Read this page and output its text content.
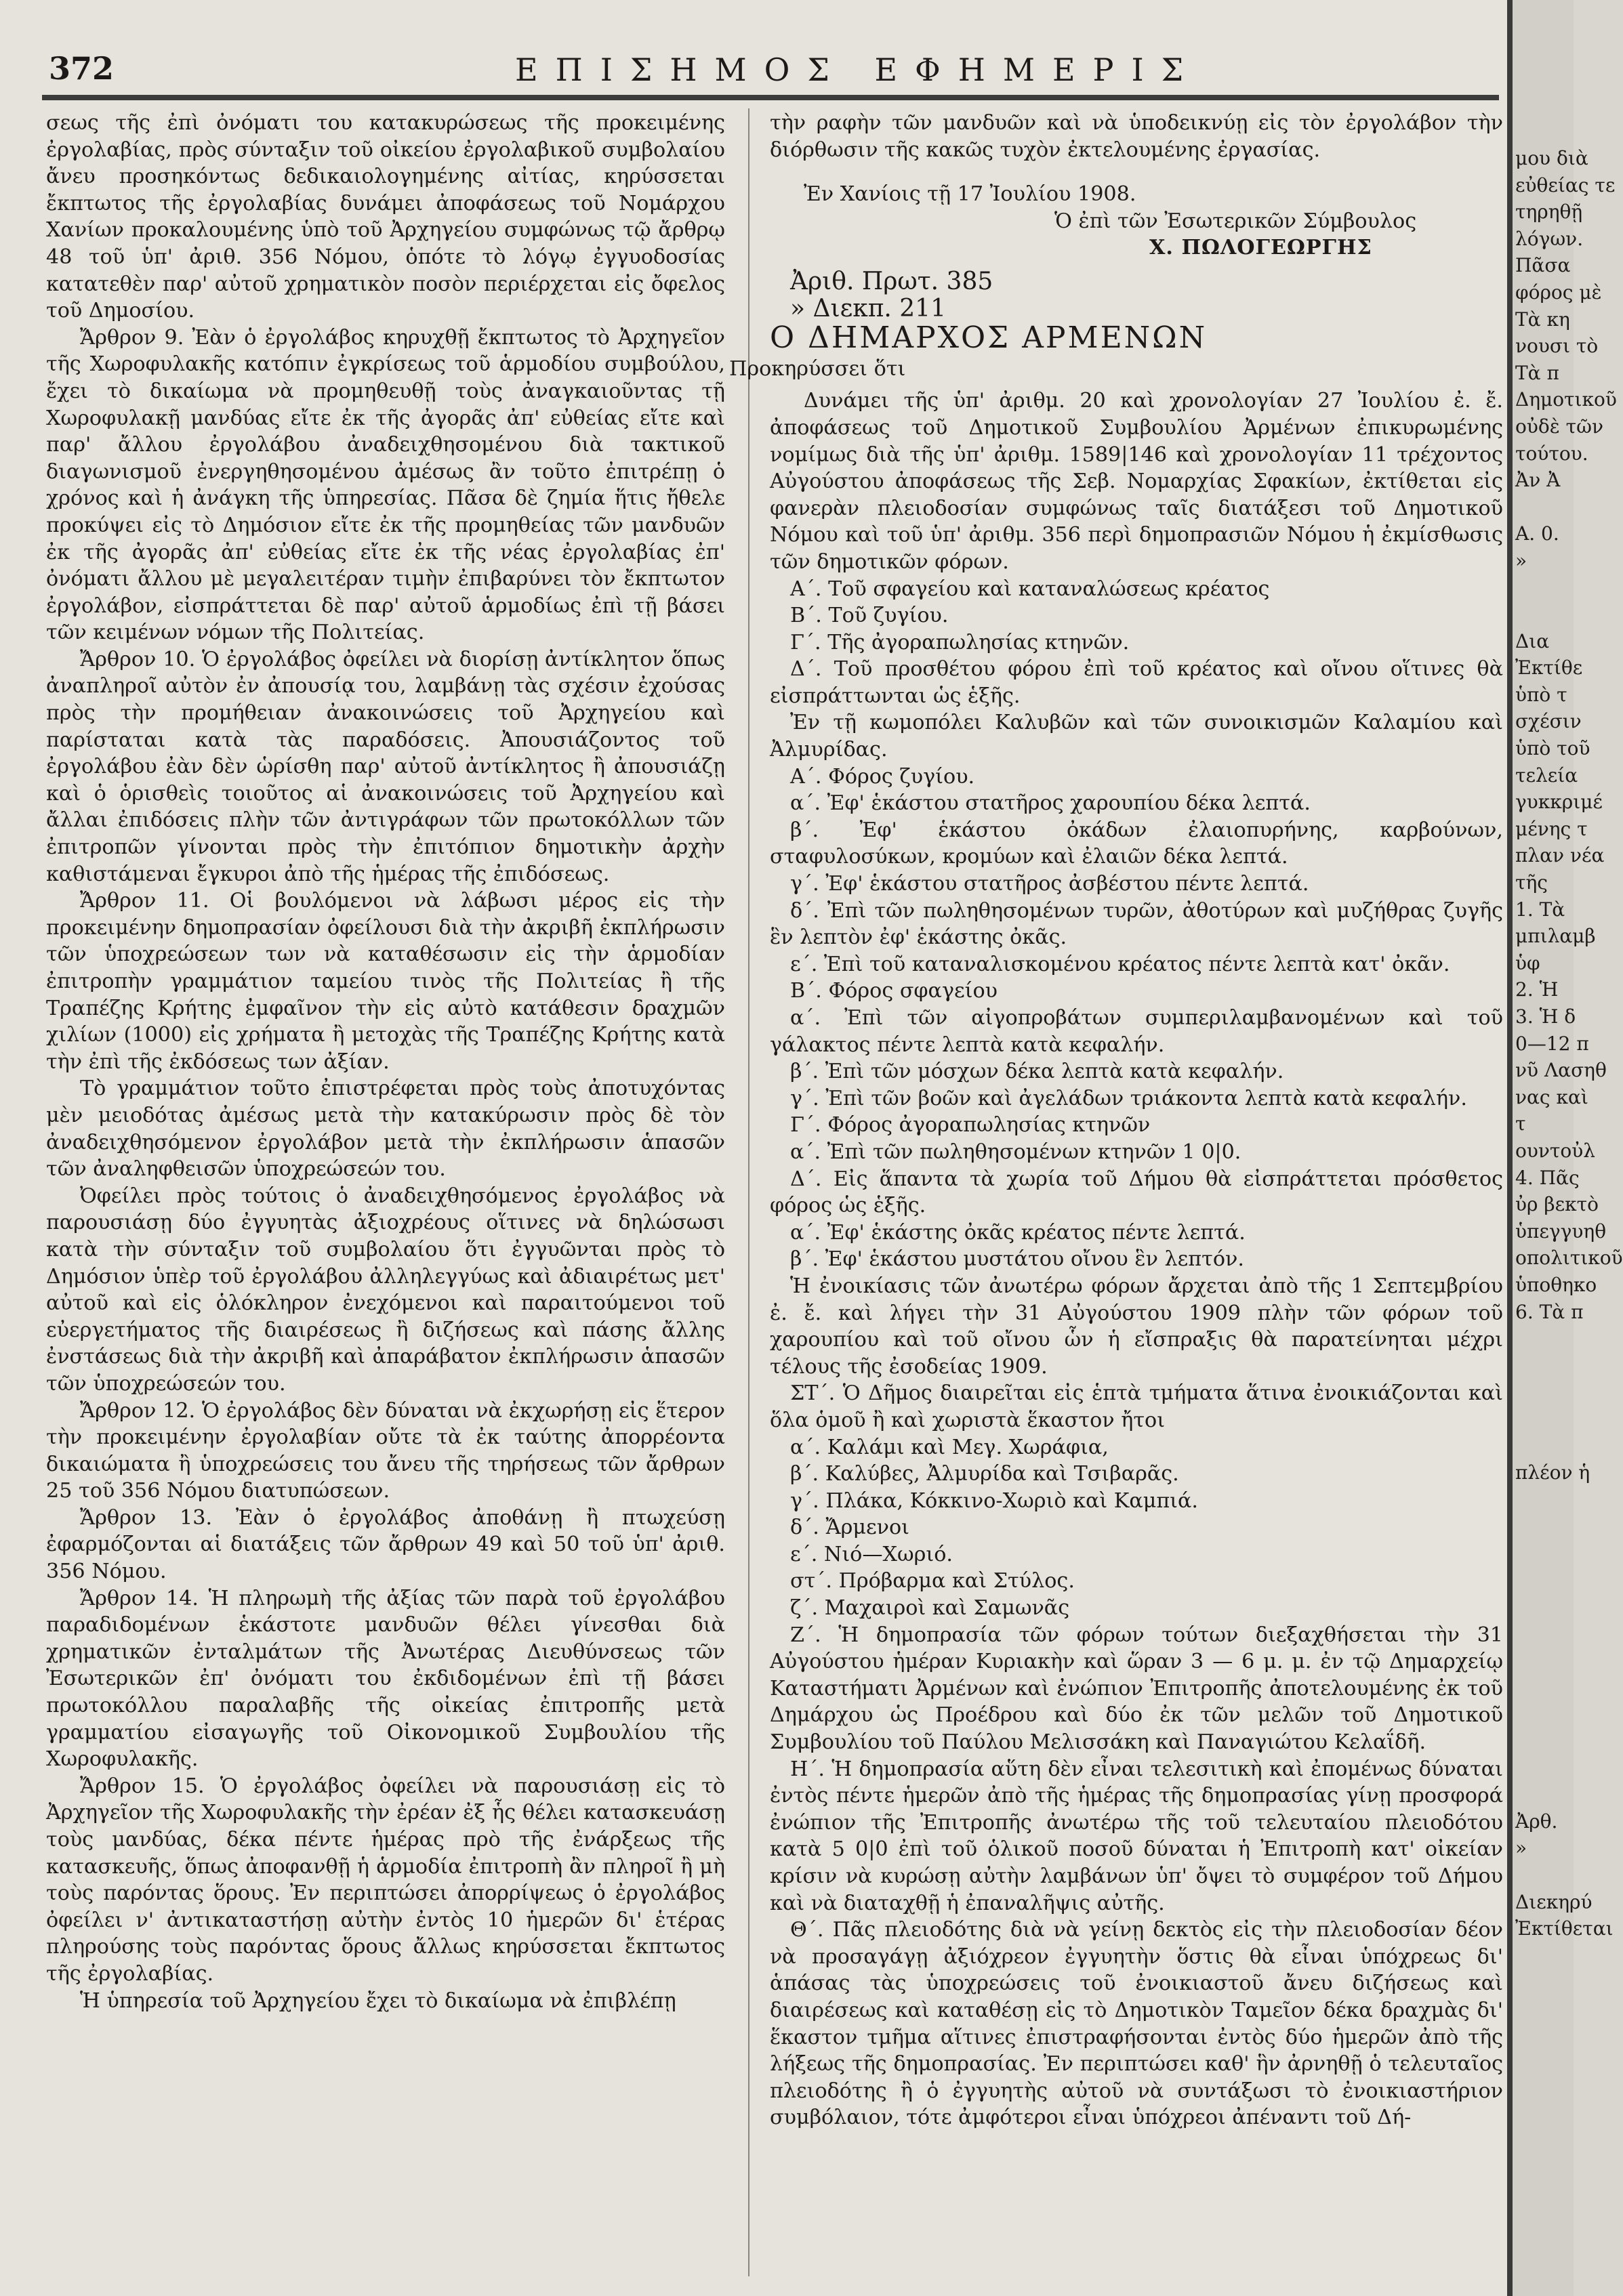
372	ΕΠΙΣΗΜΟΣ ΕΦΗΜΕΡΙΣ

σεως τῆς ἐπὶ ὀνόματι του κατακυρώσεως τῆς προκειμένης ἐργολαβίας, πρὸς σύνταξιν τοῦ οἰκείου ἐργολαβικοῦ συμβολαίου ἄνευ προσηκόντως δεδικαιολογημένης αἰτίας, κηρύσσεται ἔκπτωτος τῆς ἐργολαβίας δυνάμει ἀποφάσεως τοῦ Νομάρχου Χανίων προκαλουμένης ὑπὸ τοῦ Ἀρχηγείου συμφώνως τῷ ἄρθρῳ 48 τοῦ ὑπ' ἀριθ. 356 Νόμου, ὁπότε τὸ λόγῳ ἐγγυοδοσίας κατατεθὲν παρ' αὐτοῦ χρηματικὸν ποσὸν περιέρχεται εἰς ὄφελος τοῦ Δημοσίου.

Ἄρθρον 9. Ἐὰν ὁ ἐργολάβος κηρυχθῇ ἔκπτωτος τὸ Ἀρχηγεῖον τῆς Χωροφυλακῆς κατόπιν ἐγκρίσεως τοῦ ἁρμοδίου συμβούλου, ἔχει τὸ δικαίωμα νὰ προμηθευθῇ τοὺς ἀναγκαιοῦντας τῇ Χωροφυλακῇ μανδύας εἴτε ἐκ τῆς ἀγορᾶς ἀπ' εὐθείας εἴτε καὶ παρ' ἄλλου ἐργολάβου ἀναδειχθησομένου διὰ τακτικοῦ διαγωνισμοῦ ἐνεργηθησομένου ἀμέσως ἂν τοῦτο ἐπιτρέπῃ ὁ χρόνος καὶ ἡ ἀνάγκη τῆς ὑπηρεσίας. Πᾶσα δὲ ζημία ἥτις ἤθελε προκύψει εἰς τὸ Δημόσιον εἴτε ἐκ τῆς προμηθείας τῶν μανδυῶν ἐκ τῆς ἀγορᾶς ἀπ' εὐθείας εἴτε ἐκ τῆς νέας ἐργολαβίας ἐπ' ὀνόματι ἄλλου μὲ μεγαλειτέραν τιμὴν ἐπιβαρύνει τὸν ἔκπτωτον ἐργολάβον, εἰσπράττεται δὲ παρ' αὐτοῦ ἁρμοδίως ἐπὶ τῇ βάσει τῶν κειμένων νόμων τῆς Πολιτείας.

Ἄρθρον 10. Ὁ ἐργολάβος ὀφείλει νὰ διορίσῃ ἀντίκλητον ὅπως ἀναπληροῖ αὐτὸν ἐν ἀπουσίᾳ του, λαμβάνῃ τὰς σχέσιν ἐχούσας πρὸς τὴν προμήθειαν ἀνακοινώσεις τοῦ Ἀρχηγείου καὶ παρίσταται κατὰ τὰς παραδόσεις. Ἀπουσιάζοντος τοῦ ἐργολάβου ἐὰν δὲν ὡρίσθη παρ' αὐτοῦ ἀντίκλητος ἢ ἀπουσιάζῃ καὶ ὁ ὁρισθεὶς τοιοῦτος αἱ ἀνακοινώσεις τοῦ Ἀρχηγείου καὶ ἄλλαι ἐπιδόσεις πλὴν τῶν ἀντιγράφων τῶν πρωτοκόλλων τῶν ἐπιτροπῶν γίνονται πρὸς τὴν ἐπιτόπιον δημοτικὴν ἀρχὴν καθιστάμεναι ἔγκυροι ἀπὸ τῆς ἡμέρας τῆς ἐπιδόσεως.

Ἄρθρον 11. Οἱ βουλόμενοι νὰ λάβωσι μέρος εἰς τὴν προκειμένην δημοπρασίαν ὀφείλουσι διὰ τὴν ἀκριβῆ ἐκπλήρωσιν τῶν ὑποχρεώσεων των νὰ καταθέσωσιν εἰς τὴν ἁρμοδίαν ἐπιτροπὴν γραμμάτιον ταμείου τινὸς τῆς Πολιτείας ἢ τῆς Τραπέζης Κρήτης ἐμφαῖνον τὴν εἰς αὐτὸ κατάθεσιν δραχμῶν χιλίων (1000) εἰς χρήματα ἢ μετοχὰς τῆς Τραπέζης Κρήτης κατὰ τὴν ἐπὶ τῆς ἐκδόσεως των ἀξίαν.

Τὸ γραμμάτιον τοῦτο ἐπιστρέφεται πρὸς τοὺς ἀποτυχόντας μὲν μειοδότας ἀμέσως μετὰ τὴν κατακύρωσιν πρὸς δὲ τὸν ἀναδειχθησόμενον ἐργολάβον μετὰ τὴν ἐκπλήρωσιν ἁπασῶν τῶν ἀναληφθεισῶν ὑποχρεώσεών του.

Ὀφείλει πρὸς τούτοις ὁ ἀναδειχθησόμενος ἐργολάβος νὰ παρουσιάσῃ δύο ἐγγυητὰς ἀξιοχρέους οἵτινες νὰ δηλώσωσι κατὰ τὴν σύνταξιν τοῦ συμβολαίου ὅτι ἐγγυῶνται πρὸς τὸ Δημόσιον ὑπὲρ τοῦ ἐργολάβου ἀλληλεγγύως καὶ ἀδιαιρέτως μετ' αὐτοῦ καὶ εἰς ὁλόκληρον ἐνεχόμενοι καὶ παραιτούμενοι τοῦ εὐεργετήματος τῆς διαιρέσεως ἢ διζήσεως καὶ πάσης ἄλλης ἐνστάσεως διὰ τὴν ἀκριβῆ καὶ ἀπαράβατον ἐκπλήρωσιν ἁπασῶν τῶν ὑποχρεώσεών του.

Ἄρθρον 12. Ὁ ἐργολάβος δὲν δύναται νὰ ἐκχωρήσῃ εἰς ἕτερον τὴν προκειμένην ἐργολαβίαν οὔτε τὰ ἐκ ταύτης ἀπορρέοντα δικαιώματα ἢ ὑποχρεώσεις του ἄνευ τῆς τηρήσεως τῶν ἄρθρων 25 τοῦ 356 Νόμου διατυπώσεων.

Ἄρθρον 13. Ἐὰν ὁ ἐργολάβος ἀποθάνῃ ἢ πτωχεύσῃ ἐφαρμόζονται αἱ διατάξεις τῶν ἄρθρων 49 καὶ 50 τοῦ ὑπ' ἀριθ. 356 Νόμου.

Ἄρθρον 14. Ἡ πληρωμὴ τῆς ἀξίας τῶν παρὰ τοῦ ἐργολάβου παραδιδομένων ἑκάστοτε μανδυῶν θέλει γίνεσθαι διὰ χρηματικῶν ἐνταλμάτων τῆς Ἀνωτέρας Διευθύνσεως τῶν Ἐσωτερικῶν ἐπ' ὀνόματι του ἐκδιδομένων ἐπὶ τῇ βάσει πρωτοκόλλου παραλαβῆς τῆς οἰκείας ἐπιτροπῆς μετὰ γραμματίου εἰσαγωγῆς τοῦ Οἰκονομικοῦ Συμβουλίου τῆς Χωροφυλακῆς.

Ἄρθρον 15. Ὁ ἐργολάβος ὀφείλει νὰ παρουσιάσῃ εἰς τὸ Ἀρχηγεῖον τῆς Χωροφυλακῆς τὴν ἐρέαν ἐξ ἧς θέλει κατασκευάσῃ τοὺς μανδύας, δέκα πέντε ἡμέρας πρὸ τῆς ἐνάρξεως τῆς κατασκευῆς, ὅπως ἀποφανθῇ ἡ ἁρμοδία ἐπιτροπὴ ἂν πληροῖ ἢ μὴ τοὺς παρόντας ὅρους. Ἐν περιπτώσει ἀπορρίψεως ὁ ἐργολάβος ὀφείλει ν' ἀντικαταστήσῃ αὐτὴν ἐντὸς 10 ἡμερῶν δι' ἑτέρας πληρούσης τοὺς παρόντας ὅρους ἄλλως κηρύσσεται ἔκπτωτος τῆς ἐργολαβίας.

Ἡ ὑπηρεσία τοῦ Ἀρχηγείου ἔχει τὸ δικαίωμα νὰ ἐπιβλέπῃ

τὴν ραφὴν τῶν μανδυῶν καὶ νὰ ὑποδεικνύῃ εἰς τὸν ἐργολάβον τὴν διόρθωσιν τῆς κακῶς τυχὸν ἐκτελουμένης ἐργασίας.

Ἐν Χανίοις τῇ 17 Ἰουλίου 1908.

Ὁ ἐπὶ τῶν Ἐσωτερικῶν Σύμβουλος

Χ. ΠΩΛΟΓΕΩΡΓΗΣ

Ἀριθ. Πρωτ. 385
» Διεκπ. 211

Ο ΔΗΜΑΡΧΟΣ ΑΡΜΕΝΩΝ

Προκηρύσσει ὅτι

Δυνάμει τῆς ὑπ' ἀριθμ. 20 καὶ χρονολογίαν 27 Ἰουλίου ἐ. ἔ. ἀποφάσεως τοῦ Δημοτικοῦ Συμβουλίου Ἀρμένων ἐπικυρωμένης νομίμως διὰ τῆς ὑπ' ἀριθμ. 1589|146 καὶ χρονολογίαν 11 τρέχοντος Αὐγούστου ἀποφάσεως τῆς Σεβ. Νομαρχίας Σφακίων, ἐκτίθεται εἰς φανερὰν πλειοδοσίαν συμφώνως ταῖς διατάξεσι τοῦ Δημοτικοῦ Νόμου καὶ τοῦ ὑπ' ἀριθμ. 356 περὶ δημοπρασιῶν Νόμου ἡ ἐκμίσθωσις τῶν δημοτικῶν φόρων.

Α΄. Τοῦ σφαγείου καὶ καταναλώσεως κρέατος

Β΄. Τοῦ ζυγίου.

Γ΄. Τῆς ἀγοραπωλησίας κτηνῶν.

Δ΄. Τοῦ προσθέτου φόρου ἐπὶ τοῦ κρέατος καὶ οἴνου οἵτινες θὰ εἰσπράττωνται ὡς ἑξῆς.

Ἐν τῇ κωμοπόλει Καλυβῶν καὶ τῶν συνοικισμῶν Καλαμίου καὶ Ἀλμυρίδας.

Α΄. Φόρος ζυγίου.

α΄. Ἐφ' ἑκάστου στατῆρος χαρουπίου δέκα λεπτά.

β΄. Ἐφ' ἑκάστου ὀκάδων ἐλαιοπυρήνης, καρβούνων, σταφυλοσύκων, κρομύων καὶ ἐλαιῶν δέκα λεπτά.

γ΄. Ἐφ' ἑκάστου στατῆρος ἀσβέστου πέντε λεπτά.

δ΄. Ἐπὶ τῶν πωληθησομένων τυρῶν, ἀθοτύρων καὶ μυζήθρας ζυγῆς ἓν λεπτὸν ἐφ' ἑκάστης ὀκᾶς.

ε΄. Ἐπὶ τοῦ καταναλισκομένου κρέατος πέντε λεπτὰ κατ' ὀκᾶν.

Β΄. Φόρος σφαγείου

α΄. Ἐπὶ τῶν αἰγοπροβάτων συμπεριλαμβανομένων καὶ τοῦ γάλακτος πέντε λεπτὰ κατὰ κεφαλήν.

β΄. Ἐπὶ τῶν μόσχων δέκα λεπτὰ κατὰ κεφαλήν.

γ΄. Ἐπὶ τῶν βοῶν καὶ ἀγελάδων τριάκοντα λεπτὰ κατὰ κεφαλήν.

Γ΄. Φόρος ἀγοραπωλησίας κτηνῶν

α΄. Ἐπὶ τῶν πωληθησομένων κτηνῶν 1 0|0.

Δ΄. Εἰς ἅπαντα τὰ χωρία τοῦ Δήμου θὰ εἰσπράττεται πρόσθετος φόρος ὡς ἑξῆς.

α΄. Ἐφ' ἑκάστης ὀκᾶς κρέατος πέντε λεπτά.

β΄. Ἐφ' ἑκάστου μυστάτου οἴνου ἓν λεπτόν.

Ἡ ἐνοικίασις τῶν ἀνωτέρω φόρων ἄρχεται ἀπὸ τῆς 1 Σεπτεμβρίου ἐ. ἔ. καὶ λήγει τὴν 31 Αὐγούστου 1909 πλὴν τῶν φόρων τοῦ χαρουπίου καὶ τοῦ οἴνου ὧν ἡ εἴσπραξις θὰ παρατείνηται μέχρι τέλους τῆς ἐσοδείας 1909.

ΣΤ΄. Ὁ Δῆμος διαιρεῖται εἰς ἑπτὰ τμήματα ἅτινα ἐνοικιάζονται καὶ ὅλα ὁμοῦ ἢ καὶ χωριστὰ ἕκαστον ἤτοι

α΄. Καλάμι καὶ Μεγ. Χωράφια,

β΄. Καλύβες, Ἀλμυρίδα καὶ Τσιβαρᾶς.

γ΄. Πλάκα, Κόκκινο-Χωριὸ καὶ Καμπιά.

δ΄. Ἄρμενοι

ε΄. Νιό—Χωριό.

στ΄. Πρόβαρμα καὶ Στύλος.

ζ΄. Μαχαιροὶ καὶ Σαμωνᾶς

Ζ΄. Ἡ δημοπρασία τῶν φόρων τούτων διεξαχθήσεται τὴν 31 Αὐγούστου ἡμέραν Κυριακὴν καὶ ὥραν 3 — 6 μ. μ. ἐν τῷ Δημαρχείῳ Καταστήματι Ἀρμένων καὶ ἐνώπιον Ἐπιτροπῆς ἀποτελουμένης ἐκ τοῦ Δημάρχου ὡς Προέδρου καὶ δύο ἐκ τῶν μελῶν τοῦ Δημοτικοῦ Συμβουλίου τοῦ Παύλου Μελισσάκη καὶ Παναγιώτου Κελαΐδῆ.

Η΄. Ἡ δημοπρασία αὕτη δὲν εἶναι τελεσιτικὴ καὶ ἐπομένως δύναται ἐντὸς πέντε ἡμερῶν ἀπὸ τῆς ἡμέρας τῆς δημοπρασίας γίνῃ προσφορά ἐνώπιον τῆς Ἐπιτροπῆς ἀνωτέρω τῆς τοῦ τελευταίου πλειοδότου κατὰ 5 0|0 ἐπὶ τοῦ ὁλικοῦ ποσοῦ δύναται ἡ Ἐπιτροπὴ κατ' οἰκείαν κρίσιν νὰ κυρώσῃ αὐτὴν λαμβάνων ὑπ' ὄψει τὸ συμφέρον τοῦ Δήμου καὶ νὰ διαταχθῇ ἡ ἐπαναλῆψις αὐτῆς.

Θ΄. Πᾶς πλειοδότης διὰ νὰ γείνῃ δεκτὸς εἰς τὴν πλειοδοσίαν δέον νὰ προσαγάγῃ ἀξιόχρεον ἐγγυητὴν ὅστις θὰ εἶναι ὑπόχρεως δι' ἁπάσας τὰς ὑποχρεώσεις τοῦ ἐνοικιαστοῦ ἄνευ διζήσεως καὶ διαιρέσεως καὶ καταθέσῃ εἰς τὸ Δημοτικὸν Ταμεῖον δέκα δραχμὰς δι' ἕκαστον τμῆμα αἵτινες ἐπιστραφήσονται ἐντὸς δύο ἡμερῶν ἀπὸ τῆς λήξεως τῆς δημοπρασίας. Ἐν περιπτώσει καθ' ἣν ἀρνηθῇ ὁ τελευταῖος πλειοδότης ἢ ὁ ἐγγυητὴς αὐτοῦ νὰ συντάξωσι τὸ ἐνοικιαστήριον συμβόλαιον, τότε ἀμφότεροι εἶναι ὑπόχρεοι ἀπέναντι τοῦ Δή-

μου διὰ
εὐθείας τε
τηρηθῇ
λόγων.
Πᾶσα
φόρος μὲ
Τὰ κη
νουσι τὸ
Τὰ π
Δημοτικοῦ
οὐδὲ τῶν
τούτου.
Ἀν Ἀ

Α. 0.
»

Δια
Ἐκτίθε
ὑπὸ τ
σχέσιν
ὑπὸ τοῦ
τελεία
γυκκριμέ
μένης τ
πλαν νέα
τῆς
1. Τὰ
μπιλαμβ
ὑφ
2. Ἡ
3. Ἡ δ
0—12 π
νῦ Λασηθ
νας καὶ
τ
ουντοὐλ
4. Πᾶς
ὐρ βεκτὸ
ὑπεγγυηθ
οπολιτικοῦ
ὑποθηκο
6. Τὰ π

πλέον ἡ

Ἀρθ.
»

Διεκηρύ
Ἐκτίθεται
